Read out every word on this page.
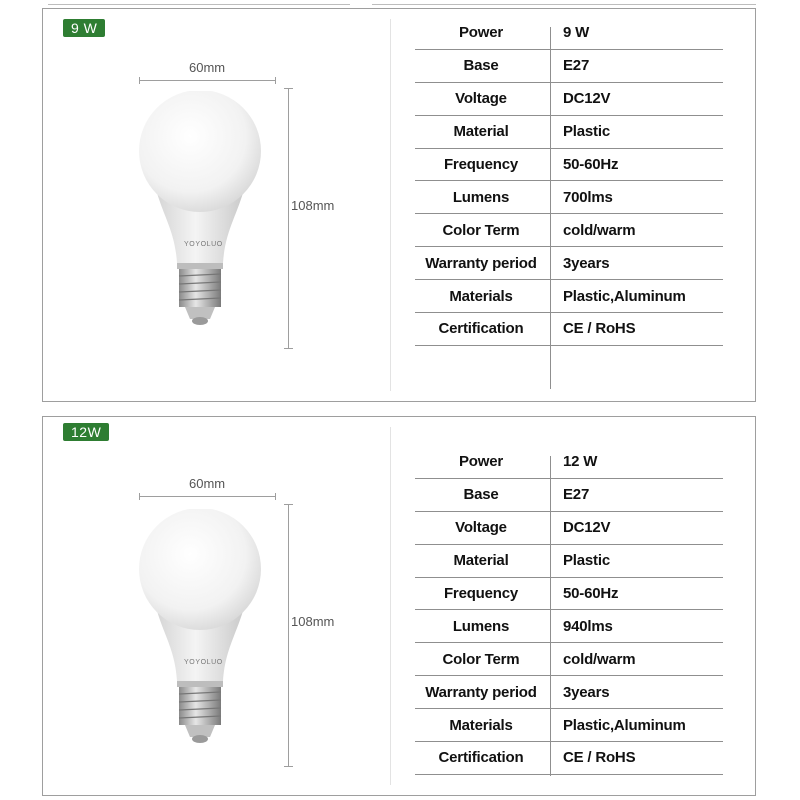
9 W
60mm
108mm
YOYOLUO
Power	9 W
Base	E27
Voltage	DC12V
Material	Plastic
Frequency	50-60Hz
Lumens	700lms
Color Term	cold/warm
Warranty period	3years
Materials	Plastic,Aluminum
Certification	CE / RoHS
12W
60mm
108mm
YOYOLUO
Power	12 W
Base	E27
Voltage	DC12V
Material	Plastic
Frequency	50-60Hz
Lumens	940lms
Color Term	cold/warm
Warranty period	3years
Materials	Plastic,Aluminum
Certification	CE / RoHS
